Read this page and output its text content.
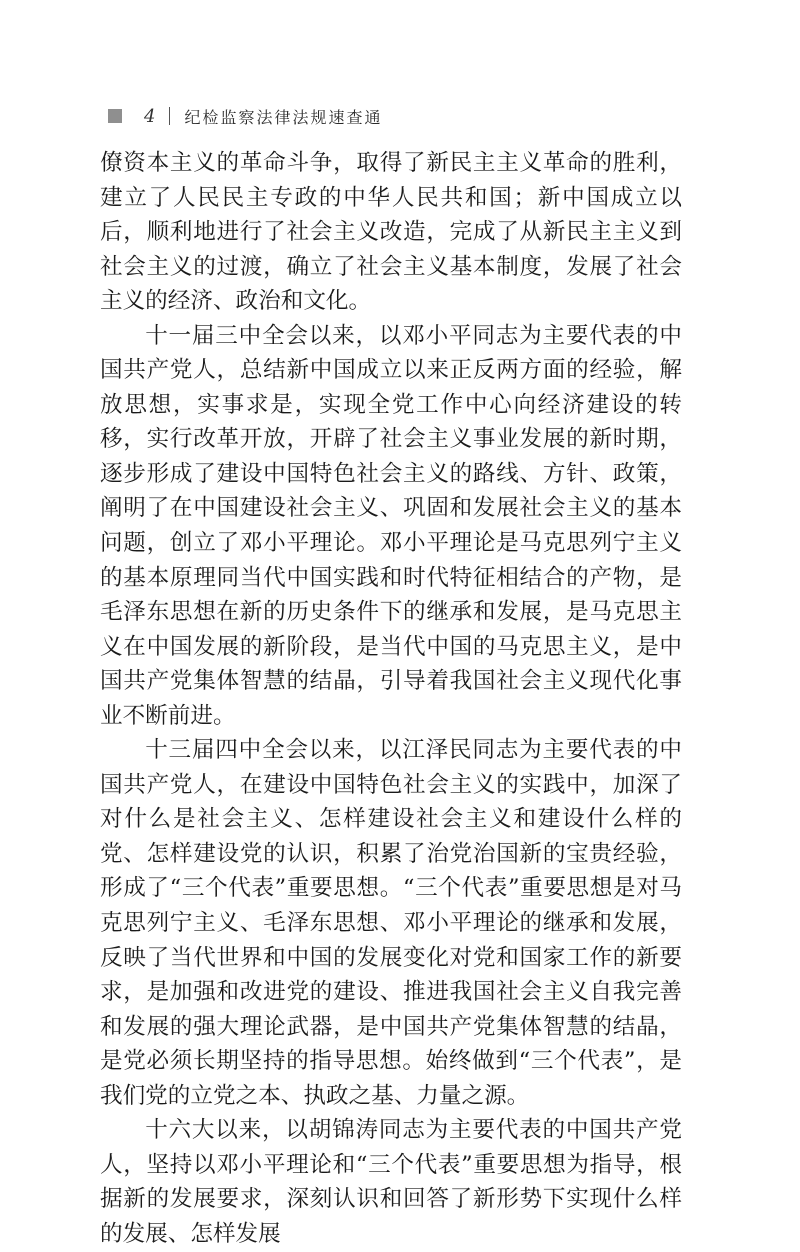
4 纪检监察法律法规速查通

僚资本主义的革命斗争，取得了新民主主义革命的胜利，建立了人民民主专政的中华人民共和国；新中国成立以后，顺利地进行了社会主义改造，完成了从新民主主义到社会主义的过渡，确立了社会主义基本制度，发展了社会主义的经济、政治和文化。

十一届三中全会以来，以邓小平同志为主要代表的中国共产党人，总结新中国成立以来正反两方面的经验，解放思想，实事求是，实现全党工作中心向经济建设的转移，实行改革开放，开辟了社会主义事业发展的新时期，逐步形成了建设中国特色社会主义的路线、方针、政策，阐明了在中国建设社会主义、巩固和发展社会主义的基本问题，创立了邓小平理论。邓小平理论是马克思列宁主义的基本原理同当代中国实践和时代特征相结合的产物，是毛泽东思想在新的历史条件下的继承和发展，是马克思主义在中国发展的新阶段，是当代中国的马克思主义，是中国共产党集体智慧的结晶，引导着我国社会主义现代化事业不断前进。

十三届四中全会以来，以江泽民同志为主要代表的中国共产党人，在建设中国特色社会主义的实践中，加深了对什么是社会主义、怎样建设社会主义和建设什么样的党、怎样建设党的认识，积累了治党治国新的宝贵经验，形成了“三个代表”重要思想。“三个代表”重要思想是对马克思列宁主义、毛泽东思想、邓小平理论的继承和发展，反映了当代世界和中国的发展变化对党和国家工作的新要求，是加强和改进党的建设、推进我国社会主义自我完善和发展的强大理论武器，是中国共产党集体智慧的结晶，是党必须长期坚持的指导思想。始终做到“三个代表”，是我们党的立党之本、执政之基、力量之源。

十六大以来，以胡锦涛同志为主要代表的中国共产党人，坚持以邓小平理论和“三个代表”重要思想为指导，根据新的发展要求，深刻认识和回答了新形势下实现什么样的发展、怎样发展
